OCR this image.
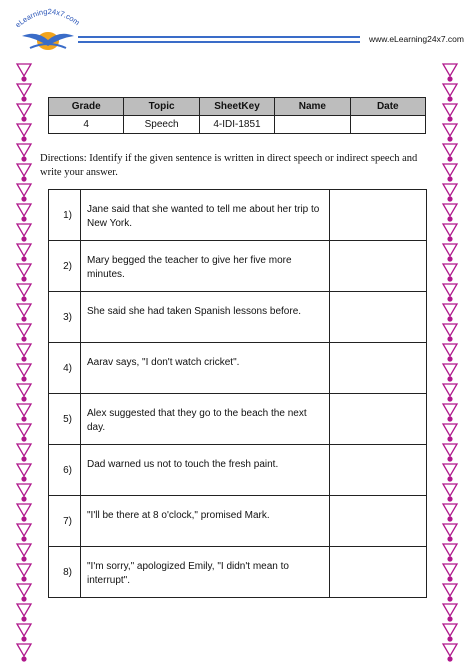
eLearning24x7.com
www.eLearning24x7.com
Grade	Topic	SheetKey	Name	Date
4	Speech	4-IDI-1851		
Directions: Identify if the given sentence is written in direct speech or indirect speech and write your answer.
1)	Jane said that she wanted to tell me about her trip to New York.	

2)	Mary begged the teacher to give her five more minutes.	

3)	She said she had taken Spanish lessons before.	

4)	Aarav says, "I don't watch cricket".	

5)	Alex suggested that they go to the beach the next day.	

6)	Dad warned us not to touch the fresh paint.	

7)	"I'll be there at 8 o'clock," promised Mark.	

8)	"I'm sorry," apologized Emily, "I didn't mean to interrupt".	
